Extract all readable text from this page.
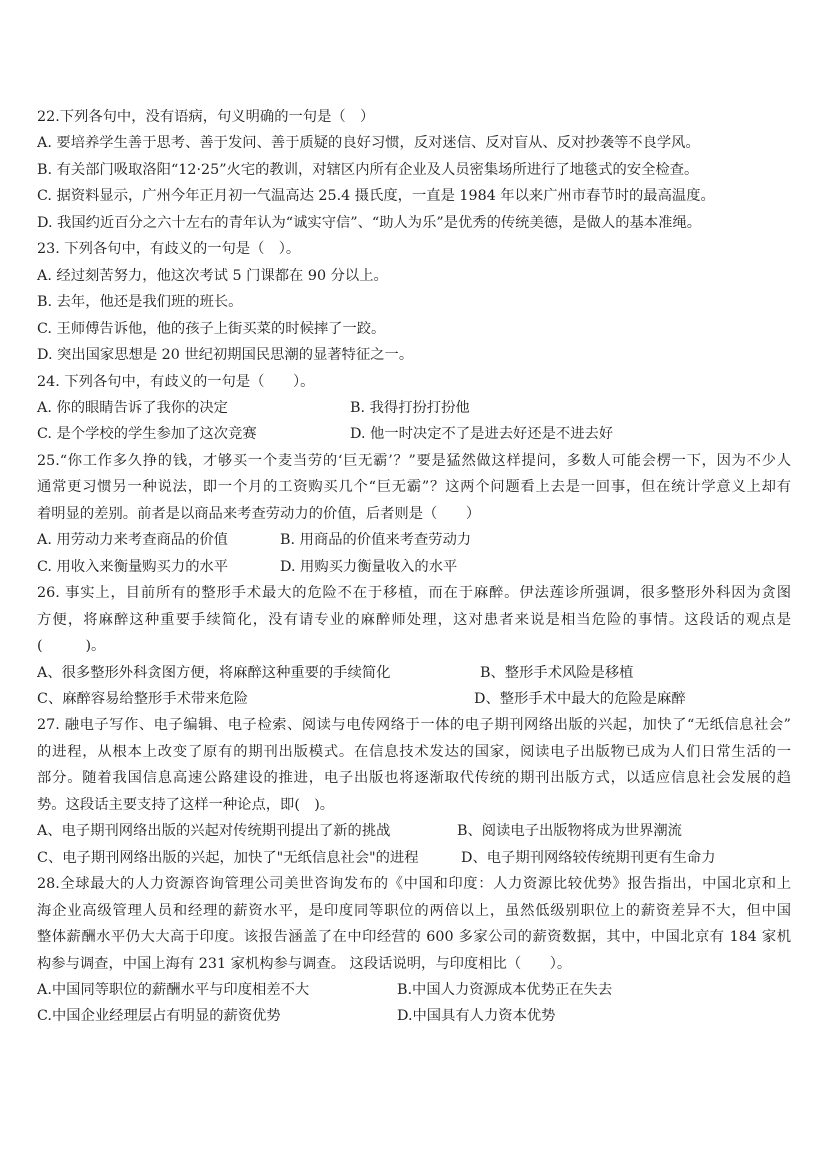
22.下列各句中，没有语病，句义明确的一句是（　）
A. 要培养学生善于思考、善于发问、善于质疑的良好习惯，反对迷信、反对盲从、反对抄袭等不良学风。
B. 有关部门吸取洛阳“12·25”火宅的教训，对辖区内所有企业及人员密集场所进行了地毯式的安全检查。
C. 据资料显示，广州今年正月初一气温高达 25.4 摄氏度，一直是 1984 年以来广州市春节时的最高温度。
D. 我国约近百分之六十左右的青年认为“诚实守信”、“助人为乐”是优秀的传统美德，是做人的基本准绳。
23. 下列各句中，有歧义的一句是（　）。
A. 经过刻苦努力，他这次考试 5 门课都在 90 分以上。
B. 去年，他还是我们班的班长。
C. 王师傅告诉他，他的孩子上街买菜的时候摔了一跤。
D. 突出国家思想是 20 世纪初期国民思潮的显著特征之一。
24. 下列各句中，有歧义的一句是（　　）。
A. 你的眼睛告诉了我你的决定	B. 我得打扮打扮他
C. 是个学校的学生参加了这次竞赛	D. 他一时决定不了是进去好还是不进去好
25.“你工作多久挣的钱，才够买一个麦当劳的‘巨无霸’？”要是猛然做这样提问，多数人可能会楞一下，因为不少人
通常更习惯另一种说法，即一个月的工资购买几个“巨无霸”？这两个问题看上去是一回事，但在统计学意义上却有
着明显的差别。前者是以商品来考查劳动力的价值，后者则是（　　）
A. 用劳动力来考查商品的价值	B. 用商品的价值来考查劳动力
C. 用收入来衡量购买力的水平	D. 用购买力衡量收入的水平
26. 事实上，目前所有的整形手术最大的危险不在于移植，而在于麻醉。伊法莲诊所强调，很多整形外科因为贪图
方便，将麻醉这种重要手续简化，没有请专业的麻醉师处理，这对患者来说是相当危险的事情。这段话的观点是
(　　　)。
A、很多整形外科贪图方便，将麻醉这种重要的手续简化	B、整形手术风险是移植
C、麻醉容易给整形手术带来危险	D、整形手术中最大的危险是麻醉
27. 融电子写作、电子编辑、电子检索、阅读与电传网络于一体的电子期刊网络出版的兴起，加快了“无纸信息社会”
的进程，从根本上改变了原有的期刊出版模式。在信息技术发达的国家，阅读电子出版物已成为人们日常生活的一
部分。随着我国信息高速公路建设的推进，电子出版也将逐渐取代传统的期刊出版方式，以适应信息社会发展的趋
势。这段话主要支持了这样一种论点，即(　)。
A、电子期刊网络出版的兴起对传统期刊提出了新的挑战	B、阅读电子出版物将成为世界潮流
C、电子期刊网络出版的兴起，加快了"无纸信息社会"的进程	D、电子期刊网络较传统期刊更有生命力
28.全球最大的人力资源咨询管理公司美世咨询发布的《中国和印度：人力资源比较优势》报告指出，中国北京和上
海企业高级管理人员和经理的薪资水平，是印度同等职位的两倍以上，虽然低级别职位上的薪资差异不大，但中国
整体薪酬水平仍大大高于印度。该报告涵盖了在中印经营的 600 多家公司的薪资数据，其中，中国北京有 184 家机
构参与调查，中国上海有 231 家机构参与调查。 这段话说明，与印度相比（　　）。
A.中国同等职位的薪酬水平与印度相差不大	B.中国人力资源成本优势正在失去
C.中国企业经理层占有明显的薪资优势	D.中国具有人力资本优势
